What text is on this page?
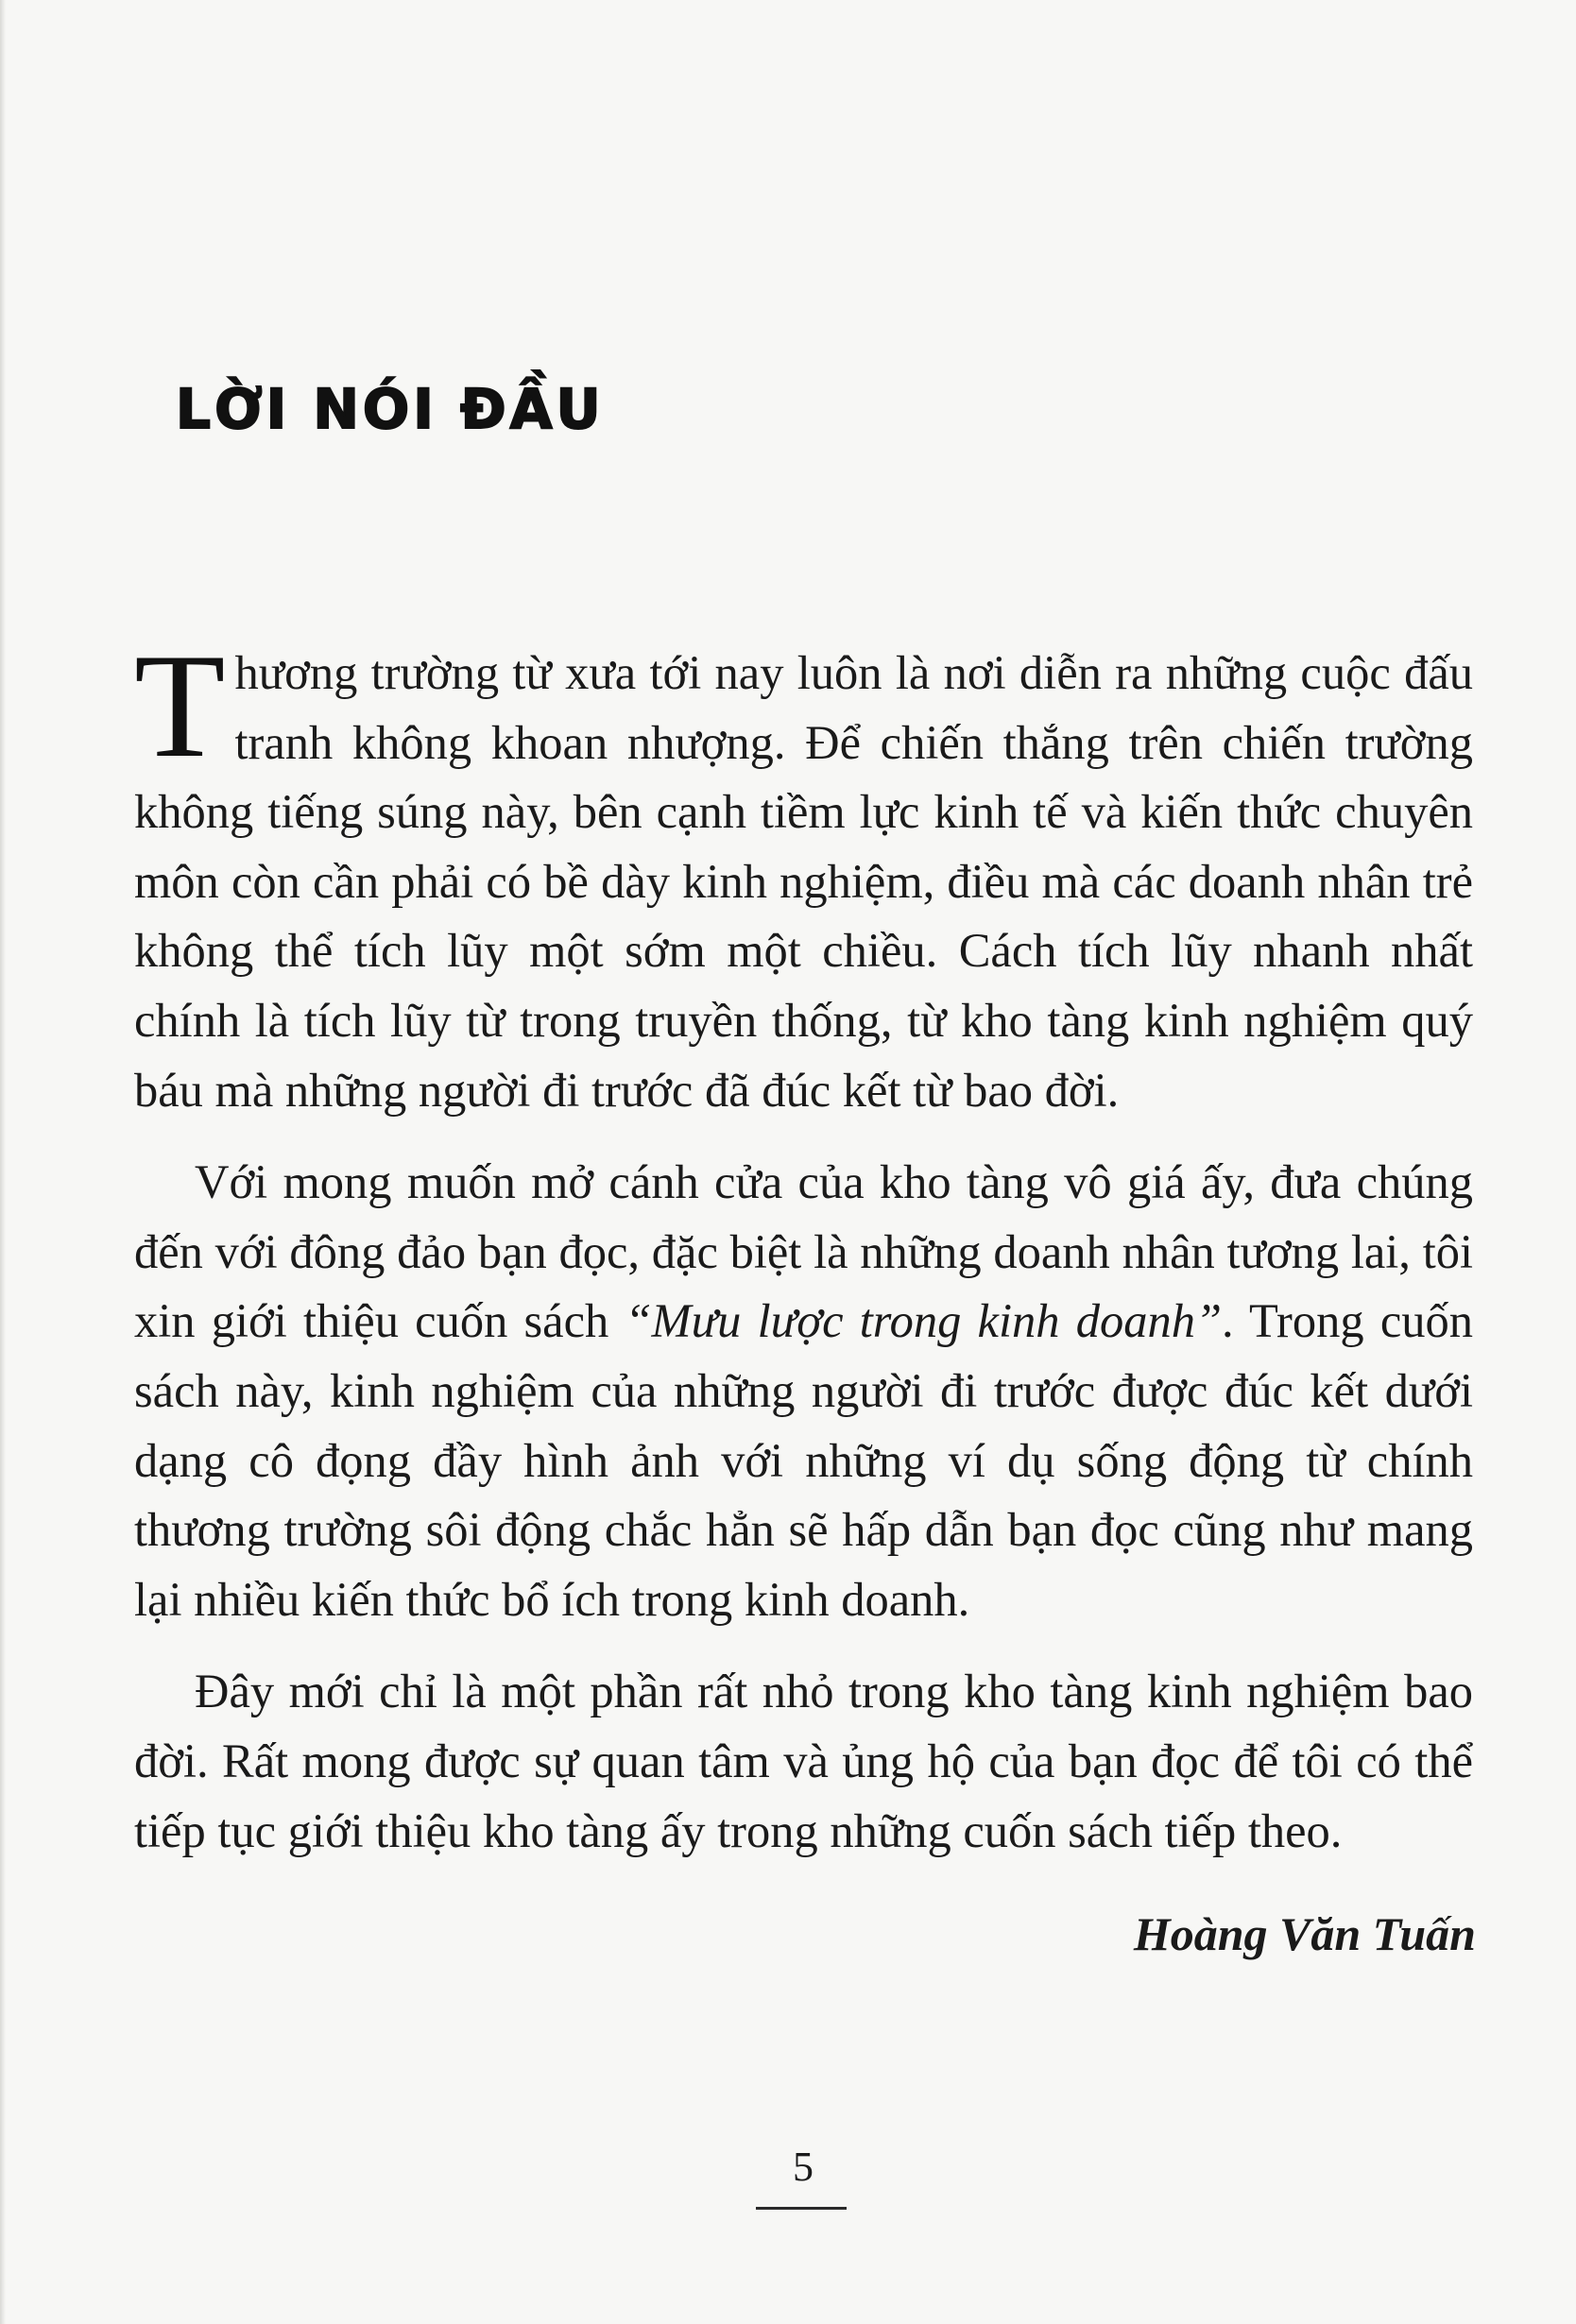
LỜI NÓI ĐẦU

Thương trường từ xưa tới nay luôn là nơi diễn ra những cuộc đấu tranh không khoan nhượng. Để chiến thắng trên chiến trường không tiếng súng này, bên cạnh tiềm lực kinh tế và kiến thức chuyên môn còn cần phải có bề dày kinh nghiệm, điều mà các doanh nhân trẻ không thể tích lũy một sớm một chiều. Cách tích lũy nhanh nhất chính là tích lũy từ trong truyền thống, từ kho tàng kinh nghiệm quý báu mà những người đi trước đã đúc kết từ bao đời.

Với mong muốn mở cánh cửa của kho tàng vô giá ấy, đưa chúng đến với đông đảo bạn đọc, đặc biệt là những doanh nhân tương lai, tôi xin giới thiệu cuốn sách “Mưu lược trong kinh doanh”. Trong cuốn sách này, kinh nghiệm của những người đi trước được đúc kết dưới dạng cô đọng đầy hình ảnh với những ví dụ sống động từ chính thương trường sôi động chắc hẳn sẽ hấp dẫn bạn đọc cũng như mang lại nhiều kiến thức bổ ích trong kinh doanh.

Đây mới chỉ là một phần rất nhỏ trong kho tàng kinh nghiệm bao đời. Rất mong được sự quan tâm và ủng hộ của bạn đọc để tôi có thể tiếp tục giới thiệu kho tàng ấy trong những cuốn sách tiếp theo.

Hoàng Văn Tuấn
5
